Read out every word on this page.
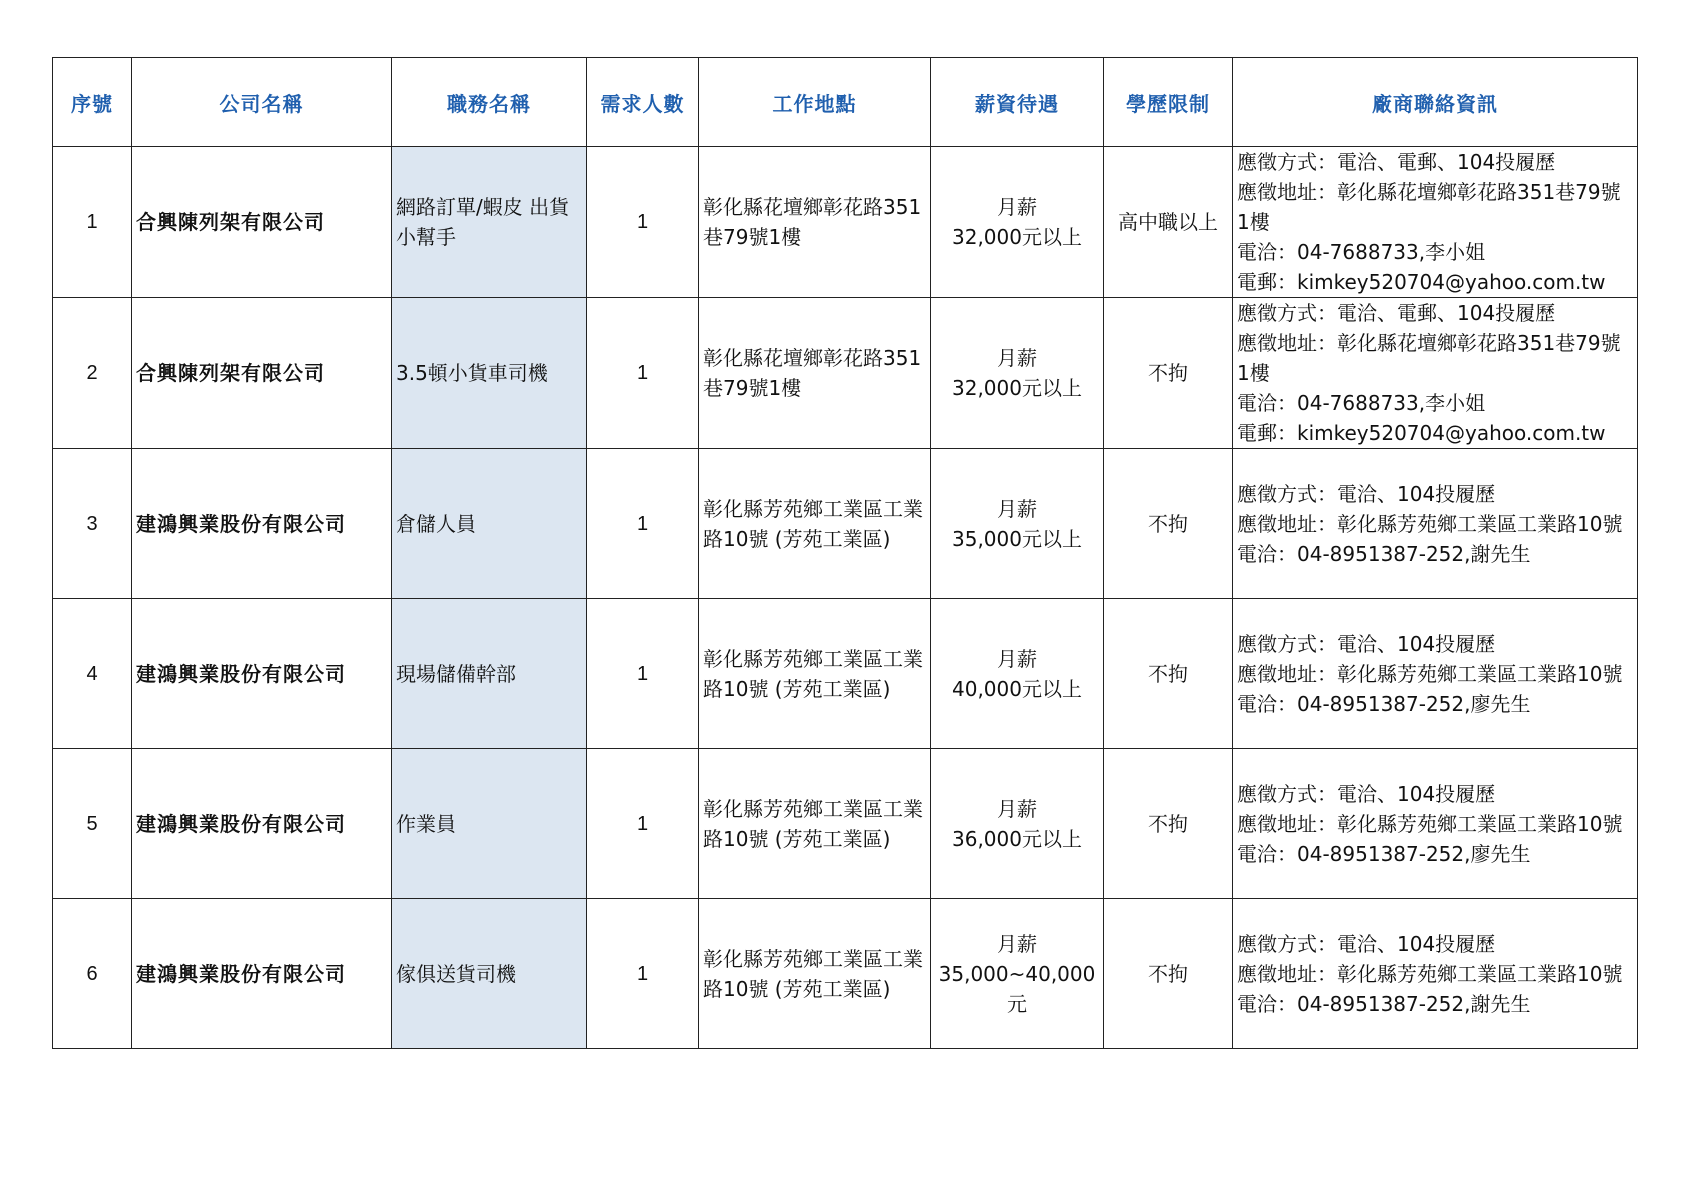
序號	公司名稱	職務名稱	需求人數	工作地點	薪資待遇	學歷限制	廠商聯絡資訊
1	合興陳列架有限公司	網路訂單/蝦皮 出貨小幫手	1	彰化縣花壇鄉彰花路351巷79號1樓	月薪
32,000元以上	高中職以上	應徵方式：電洽、電郵、104投履歷
應徵地址：彰化縣花壇鄉彰花路351巷79號1樓
電洽：04-7688733,李小姐
電郵：kimkey520704@yahoo.com.tw

2	合興陳列架有限公司	3.5頓小貨車司機	1	彰化縣花壇鄉彰花路351巷79號1樓	月薪
32,000元以上	不拘	應徵方式：電洽、電郵、104投履歷
應徵地址：彰化縣花壇鄉彰花路351巷79號1樓
電洽：04-7688733,李小姐
電郵：kimkey520704@yahoo.com.tw

3	建鴻興業股份有限公司	倉儲人員	1	彰化縣芳苑鄉工業區工業路10號 (芳苑工業區)	月薪
35,000元以上	不拘	應徵方式：電洽、104投履歷
應徵地址：彰化縣芳苑鄉工業區工業路10號
電洽：04-8951387-252,謝先生

4	建鴻興業股份有限公司	現場儲備幹部	1	彰化縣芳苑鄉工業區工業路10號 (芳苑工業區)	月薪
40,000元以上	不拘	應徵方式：電洽、104投履歷
應徵地址：彰化縣芳苑鄉工業區工業路10號
電洽：04-8951387-252,廖先生

5	建鴻興業股份有限公司	作業員	1	彰化縣芳苑鄉工業區工業路10號 (芳苑工業區)	月薪
36,000元以上	不拘	應徵方式：電洽、104投履歷
應徵地址：彰化縣芳苑鄉工業區工業路10號
電洽：04-8951387-252,廖先生

6	建鴻興業股份有限公司	傢俱送貨司機	1	彰化縣芳苑鄉工業區工業路10號 (芳苑工業區)	月薪
35,000~40,000元	不拘	應徵方式：電洽、104投履歷
應徵地址：彰化縣芳苑鄉工業區工業路10號
電洽：04-8951387-252,謝先生
